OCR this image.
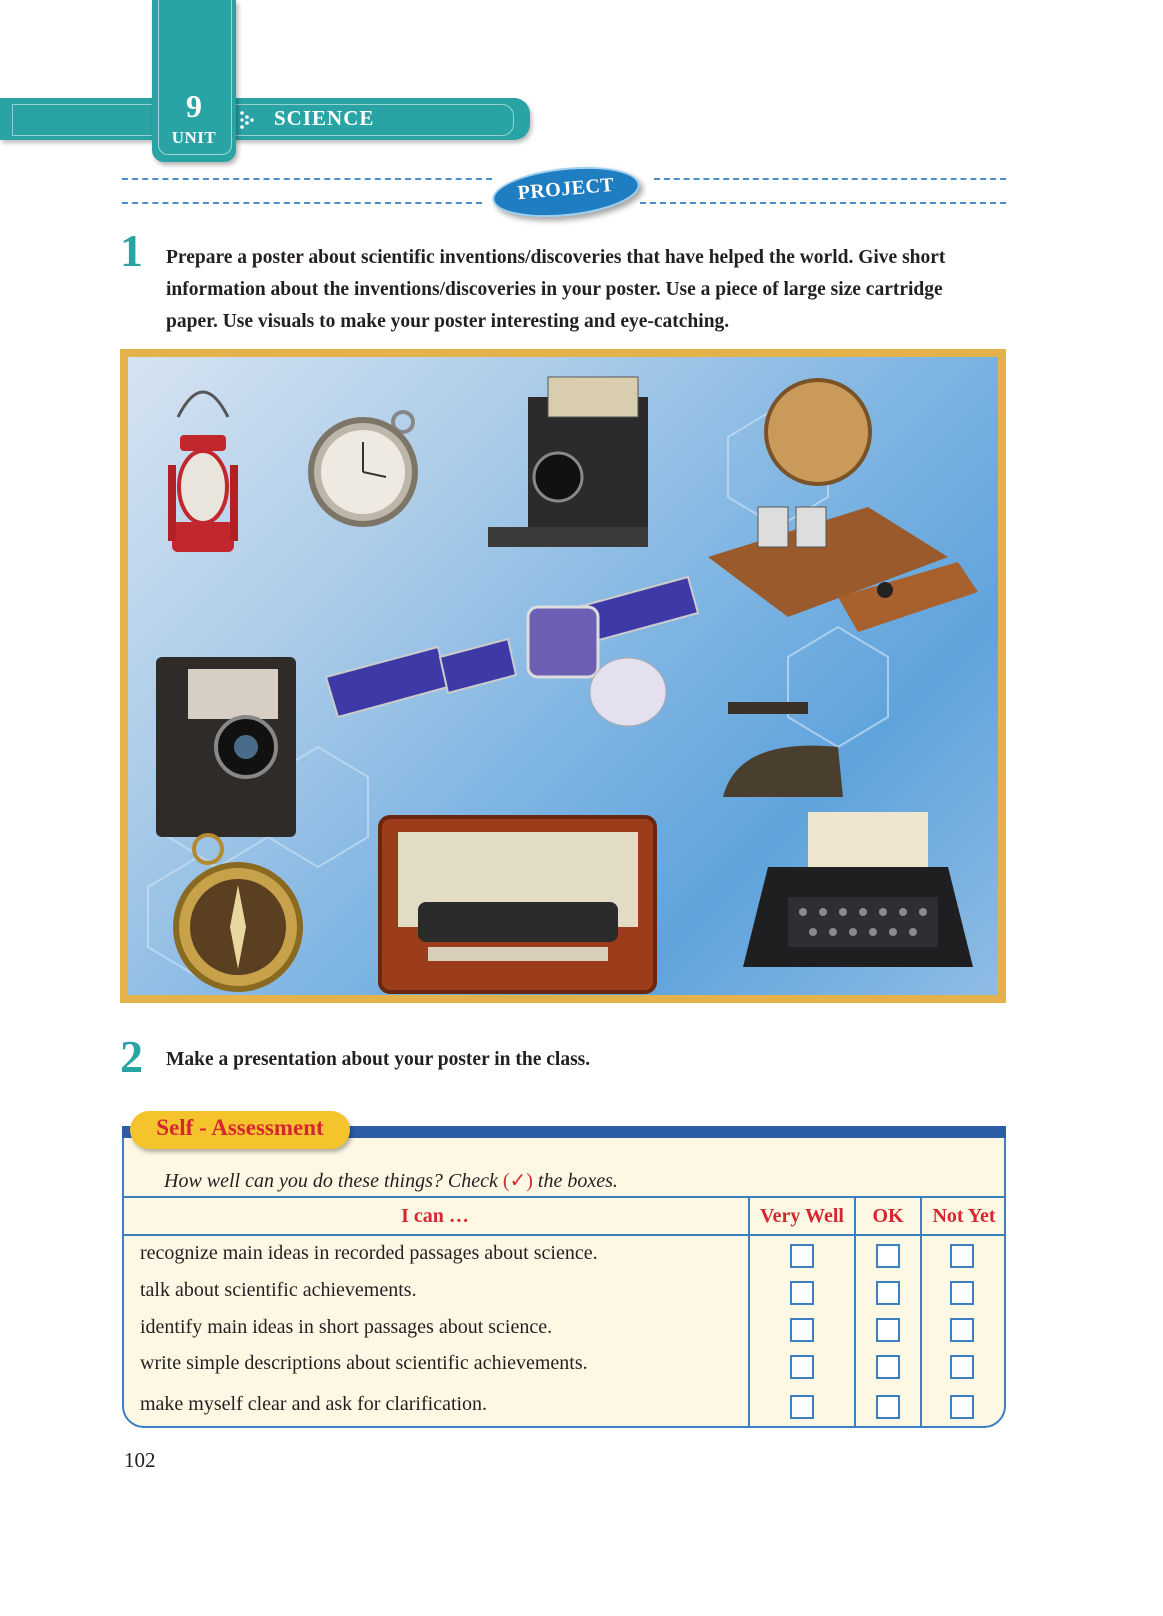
9
UNIT
SCIENCE
PROJECT
1 Prepare a poster about scientific inventions/discoveries that have helped the world. Give short
information about the inventions/discoveries in your poster. Use a piece of large size cartridge
paper. Use visuals to make your poster interesting and eye-catching.
2 Make a presentation about your poster in the class.
Self - Assessment
How well can you do these things? Check (✓) the boxes.
I can …	Very Well	OK	Not Yet
recognize main ideas in recorded passages about science.
talk about scientific achievements.
identify main ideas in short passages about science.
write simple descriptions about scientific achievements.
make myself clear and ask for clarification.
102
